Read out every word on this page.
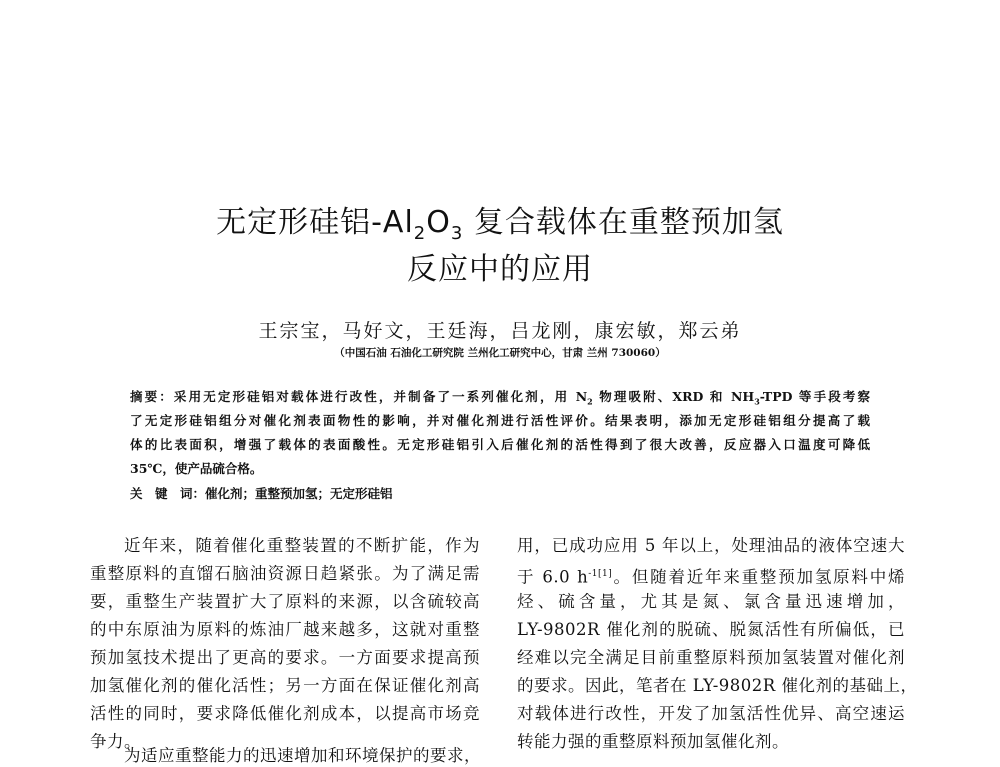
无定形硅铝$-Al_2O_3$ 复合载体在重整预加氢
反应中的应用
王宗宝，马好文，王廷海，吕龙刚，康宏敏，郑云弟
（中国石油 石油化工研究院 兰州化工研究中心，甘肃 兰州 730060）
摘要：采用无定形硅铝对载体进行改性，并制备了一系列催化剂，用 $N_2$ 物理吸附、XRD 和 $NH_3$-TPD 等手段考察
了无定形硅铝组分对催化剂表面物性的影响，并对催化剂进行活性评价。结果表明，添加无定形硅铝组分提高了载
体的比表面积，增强了载体的表面酸性。无定形硅铝引入后催化剂的活性得到了很大改善，反应器入口温度可降低
35℃，使产品硫合格。
关　键　词：催化剂；重整预加氢；无定形硅铝
近年来，随着催化重整装置的不断扩能，作为
重整原料的直馏石脑油资源日趋紧张。为了满足需
要，重整生产装置扩大了原料的来源，以含硫较高
的中东原油为原料的炼油厂越来越多，这就对重整
预加氢技术提出了更高的要求。一方面要求提高预
加氢催化剂的催化活性；另一方面在保证催化剂高
活性的同时，要求降低催化剂成本，以提高市场竞
争力。
为适应重整能力的迅速增加和环境保护的要求，
用，已成功应用 5 年以上，处理油品的液体空速大
于 6.0 $h^{-1[1]}$。但随着近年来重整预加氢原料中烯
烃、硫含量，尤其是氮、氯含量迅速增加，
LY-9802R 催化剂的脱硫、脱氮活性有所偏低，已
经难以完全满足目前重整原料预加氢装置对催化剂
的要求。因此，笔者在 LY-9802R 催化剂的基础上，
对载体进行改性，开发了加氢活性优异、高空速运
转能力强的重整原料预加氢催化剂。
